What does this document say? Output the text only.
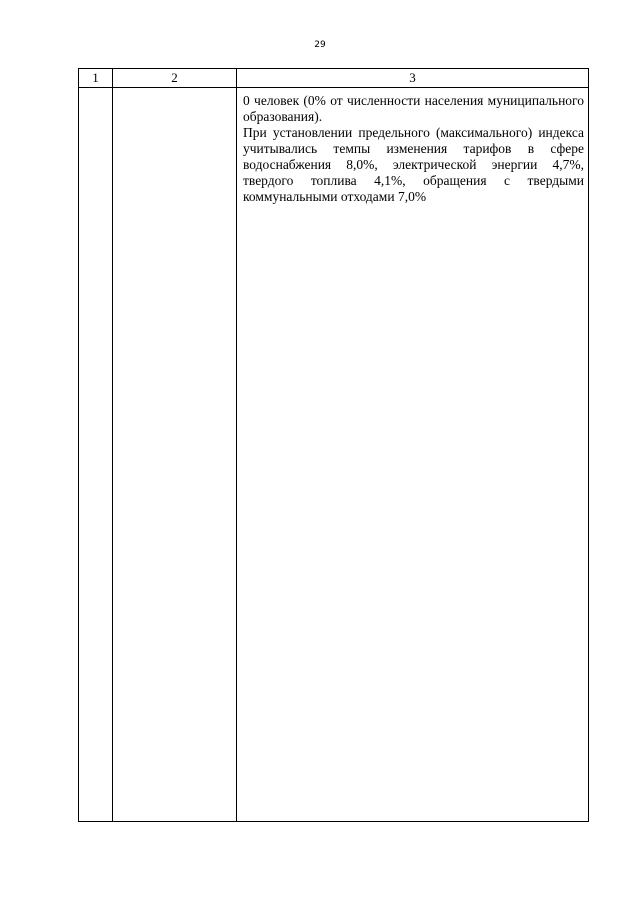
29
1	2	3

		0 человек (0% от численности населения муниципального образования).

При установлении предельного (максимального) индекса учитывались темпы изменения тарифов в сфере водоснабжения 8,0%, электрической энергии 4,7%, твердого топлива 4,1%, обращения с твердыми коммунальными отходами 7,0%
